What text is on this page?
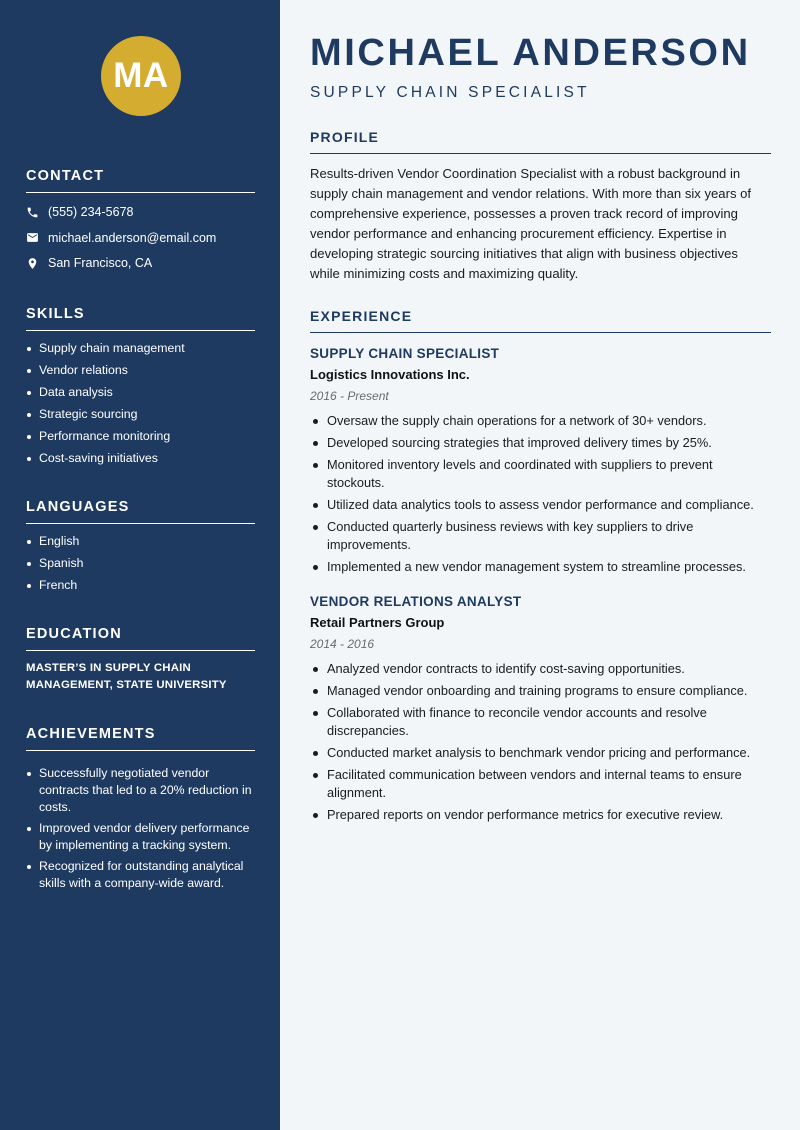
MA
CONTACT
(555) 234-5678
michael.anderson@email.com
San Francisco, CA
SKILLS
Supply chain management
Vendor relations
Data analysis
Strategic sourcing
Performance monitoring
Cost-saving initiatives
LANGUAGES
English
Spanish
French
EDUCATION
MASTER’S IN SUPPLY CHAIN MANAGEMENT, STATE UNIVERSITY
ACHIEVEMENTS
Successfully negotiated vendor contracts that led to a 20% reduction in costs.
Improved vendor delivery performance by implementing a tracking system.
Recognized for outstanding analytical skills with a company-wide award.
MICHAEL ANDERSON
SUPPLY CHAIN SPECIALIST
PROFILE
Results-driven Vendor Coordination Specialist with a robust background in supply chain management and vendor relations. With more than six years of comprehensive experience, possesses a proven track record of improving vendor performance and enhancing procurement efficiency. Expertise in developing strategic sourcing initiatives that align with business objectives while minimizing costs and maximizing quality.
EXPERIENCE
SUPPLY CHAIN SPECIALIST
Logistics Innovations Inc.
2016 - Present
Oversaw the supply chain operations for a network of 30+ vendors.
Developed sourcing strategies that improved delivery times by 25%.
Monitored inventory levels and coordinated with suppliers to prevent stockouts.
Utilized data analytics tools to assess vendor performance and compliance.
Conducted quarterly business reviews with key suppliers to drive improvements.
Implemented a new vendor management system to streamline processes.
VENDOR RELATIONS ANALYST
Retail Partners Group
2014 - 2016
Analyzed vendor contracts to identify cost-saving opportunities.
Managed vendor onboarding and training programs to ensure compliance.
Collaborated with finance to reconcile vendor accounts and resolve discrepancies.
Conducted market analysis to benchmark vendor pricing and performance.
Facilitated communication between vendors and internal teams to ensure alignment.
Prepared reports on vendor performance metrics for executive review.
